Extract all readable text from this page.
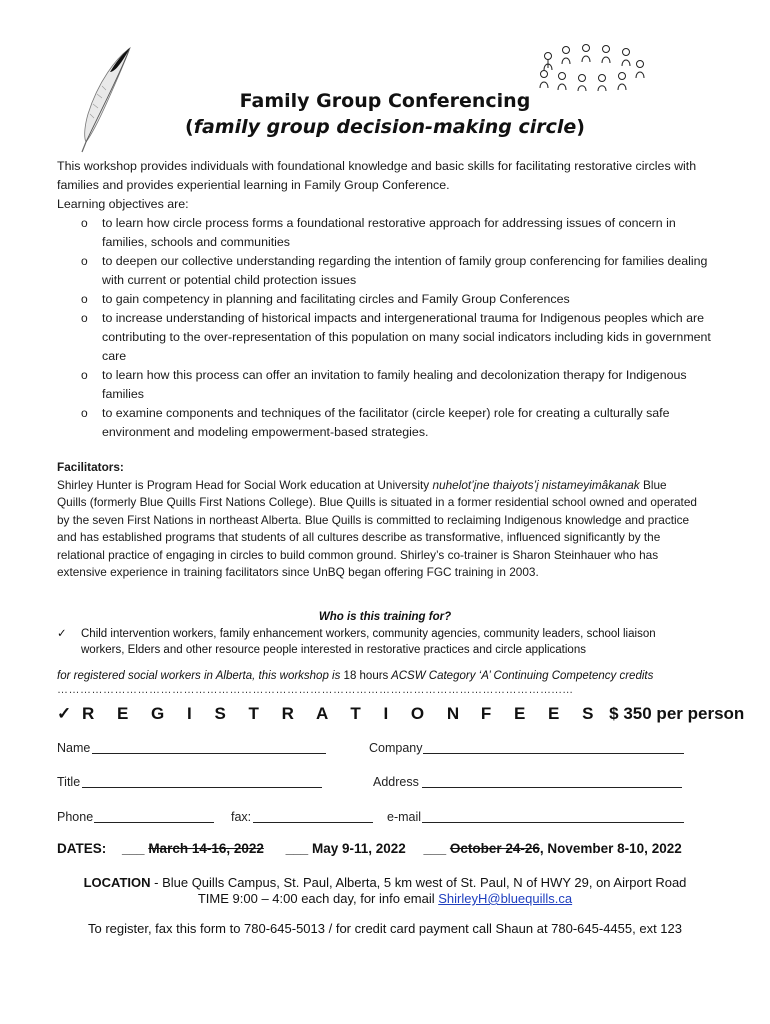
Family Group Conferencing
(family group decision-making circle)
This workshop provides individuals with foundational knowledge and basic skills for facilitating restorative circles with families and provides experiential learning in Family Group Conference.
Learning objectives are:
o to learn how circle process forms a foundational restorative approach for addressing issues of concern in families, schools and communities
o to deepen our collective understanding regarding the intention of family group conferencing for families dealing with current or potential child protection issues
o to gain competency in planning and facilitating circles and Family Group Conferences
o to increase understanding of historical impacts and intergenerational trauma for Indigenous peoples which are contributing to the over-representation of this population on many social indicators including kids in government care
o to learn how this process can offer an invitation to family healing and decolonization therapy for Indigenous families
o to examine components and techniques of the facilitator (circle keeper) role for creating a culturally safe environment and modeling empowerment-based strategies.
Facilitators:
Shirley Hunter is Program Head for Social Work education at University nuhelot’įne thaiyots’į nistameyimâkanak Blue Quills (formerly Blue Quills First Nations College). Blue Quills is situated in a former residential school owned and operated by the seven First Nations in northeast Alberta. Blue Quills is committed to reclaiming Indigenous knowledge and practice and has established programs that students of all cultures describe as transformative, influenced significantly by the relational practice of engaging in circles to build common ground. Shirley’s co-trainer is Sharon Steinhauer who has extensive experience in training facilitators since UnBQ began offering FGC training in 2003.
Who is this training for?
✓ Child intervention workers, family enhancement workers, community agencies, community leaders, school liaison workers, Elders and other resource people interested in restorative practices and circle applications
for registered social workers in Alberta, this workshop is 18 hours ACSW Category ‘A’ Continuing Competency credits
…………………………………………………………………………………………………………………...…
✓ R E G I S T R A T I O N F E E S $ 350 per person
Name	Company
Title	Address
Phone	fax:	e-mail
DATES: ___ March 14-16, 2022 ___ May 9-11, 2022 ___ October 24-26, November 8-10, 2022
LOCATION - Blue Quills Campus, St. Paul, Alberta, 5 km west of St. Paul, N of HWY 29, on Airport Road
TIME 9:00 – 4:00 each day, for info email ShirleyH@bluequills.ca
To register, fax this form to 780-645-5013 / for credit card payment call Shaun at 780-645-4455, ext 123
